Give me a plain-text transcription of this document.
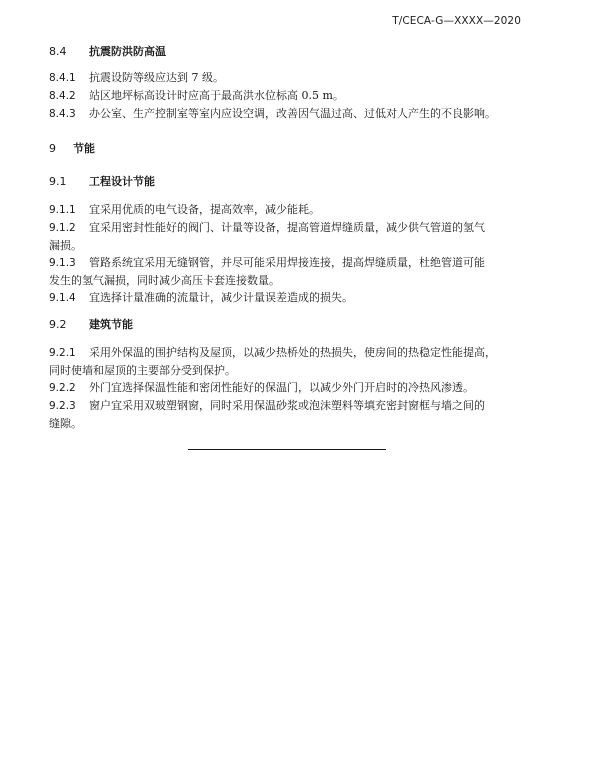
T/CECA-G—XXXX—2020
8.4 抗震防洪防高温

8.4.1 抗震设防等级应达到 7 级。

8.4.2 站区地坪标高设计时应高于最高洪水位标高 0.5 m。

8.4.3 办公室、生产控制室等室内应设空调，改善因气温过高、过低对人产生的不良影响。

9 节能
9.1 工程设计节能

9.1.1 宜采用优质的电气设备，提高效率，减少能耗。

9.1.2 宜采用密封性能好的阀门、计量等设备，提高管道焊缝质量，减少供气管道的氢气
漏损。

9.1.3 管路系统宜采用无缝钢管，并尽可能采用焊接连接，提高焊缝质量，杜绝管道可能
发生的氢气漏损，同时减少高压卡套连接数量。

9.1.4 宜选择计量准确的流量计，减少计量误差造成的损失。

9.2 建筑节能

9.2.1 采用外保温的围护结构及屋顶，以减少热桥处的热损失，使房间的热稳定性能提高，
同时使墙和屋顶的主要部分受到保护。

9.2.2 外门宜选择保温性能和密闭性能好的保温门，以减少外门开启时的冷热风渗透。

9.2.3 窗户宜采用双玻塑钢窗，同时采用保温砂浆或泡沫塑料等填充密封窗框与墙之间的
缝隙。
